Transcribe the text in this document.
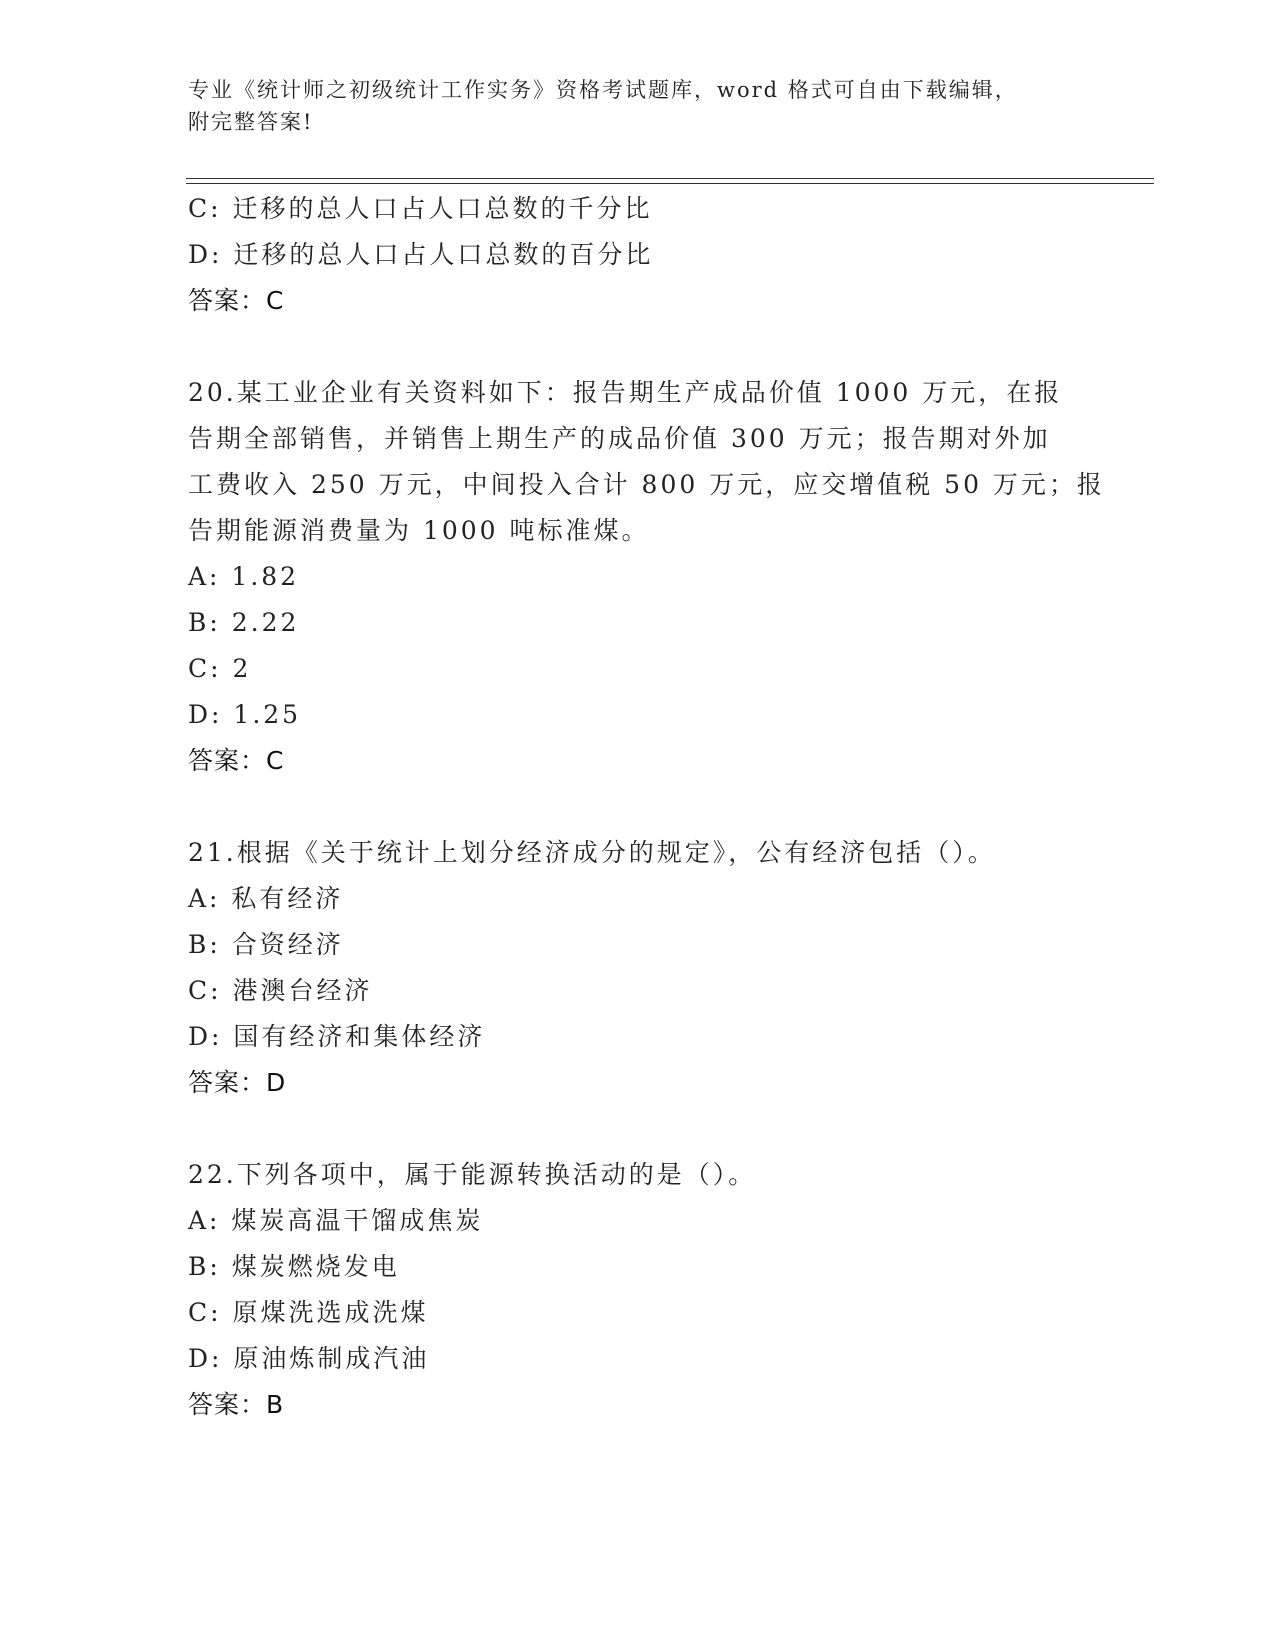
专业《统计师之初级统计工作实务》资格考试题库，word 格式可自由下载编辑，
附完整答案!
C: 迁移的总人口占人口总数的千分比
D: 迁移的总人口占人口总数的百分比
答案：C
20.某工业企业有关资料如下：报告期生产成品价值 1000 万元，在报
告期全部销售，并销售上期生产的成品价值 300 万元；报告期对外加
工费收入 250 万元，中间投入合计 800 万元，应交增值税 50 万元；报
告期能源消费量为 1000 吨标准煤。
A: 1.82
B: 2.22
C: 2
D: 1.25
答案：C
21.根据《关于统计上划分经济成分的规定》，公有经济包括（）。
A: 私有经济
B: 合资经济
C: 港澳台经济
D: 国有经济和集体经济
答案：D
22.下列各项中，属于能源转换活动的是（）。
A: 煤炭高温干馏成焦炭
B: 煤炭燃烧发电
C: 原煤洗选成洗煤
D: 原油炼制成汽油
答案：B
